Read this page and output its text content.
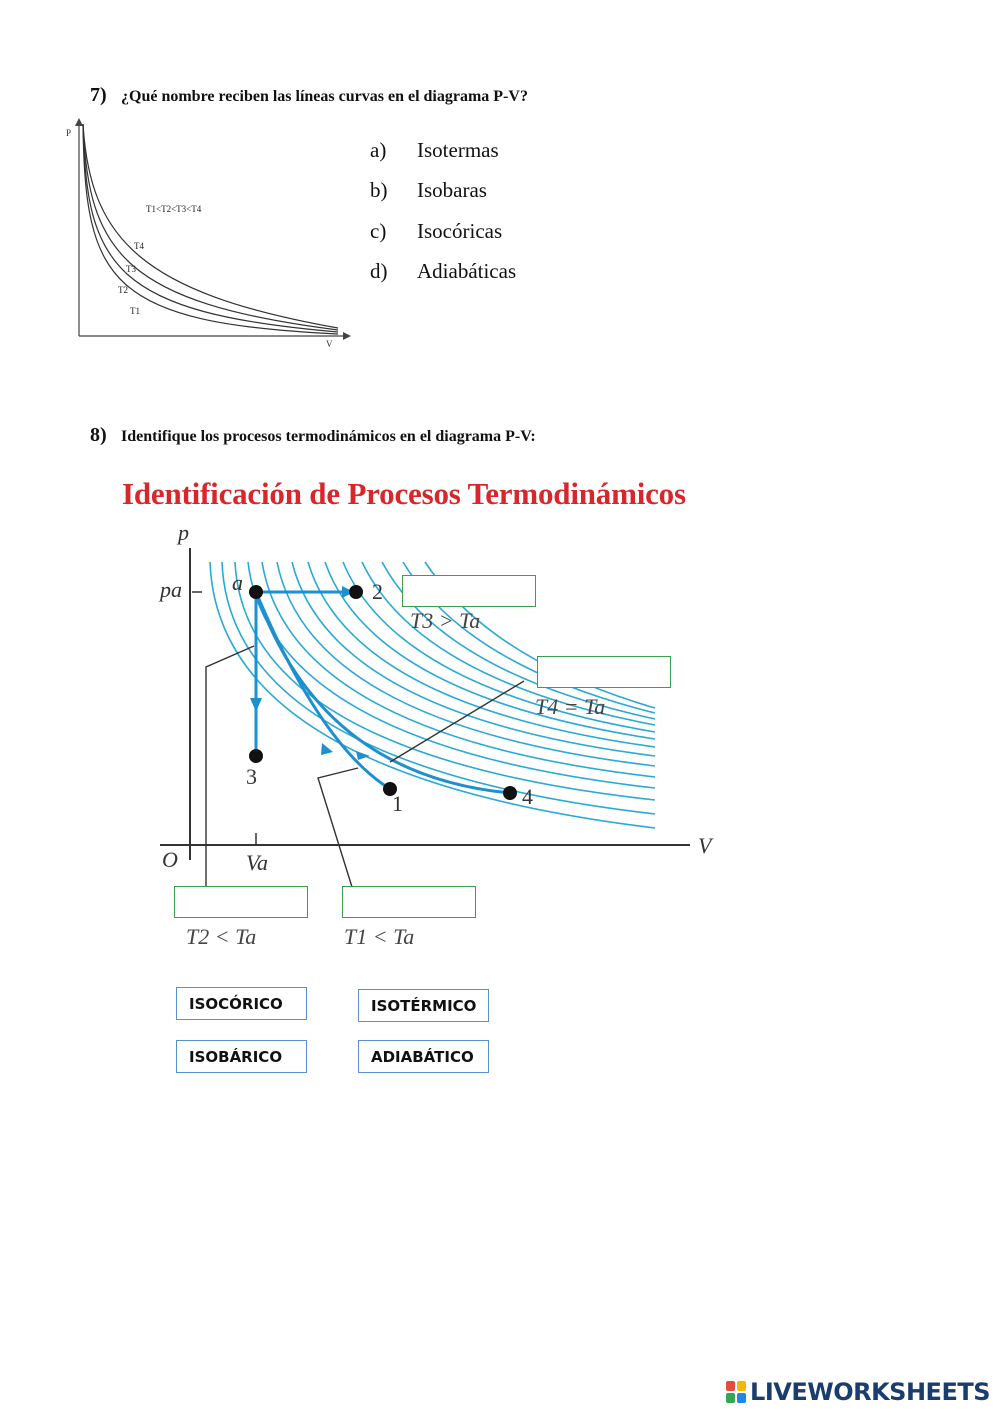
7) ¿Qué nombre reciben las líneas curvas en el diagrama P-V?
P
V
T1<T2<T3<T4
T4
T3
T2
T1
a) Isotermas
b) Isobaras
c) Isocóricas
d) Adiabáticas
8) Identifique los procesos termodinámicos en el diagrama P-V:
Identificación de Procesos Termodinámicos
p
V
O
pa
Va
a	2
3
1	4
T3 > Ta
T4 = Ta
T2 < Ta	T1 < Ta
ISOCÓRICO	ISOTÉRMICO
ISOBÁRICO	ADIABÁTICO
LIVEWORKSHEETS
